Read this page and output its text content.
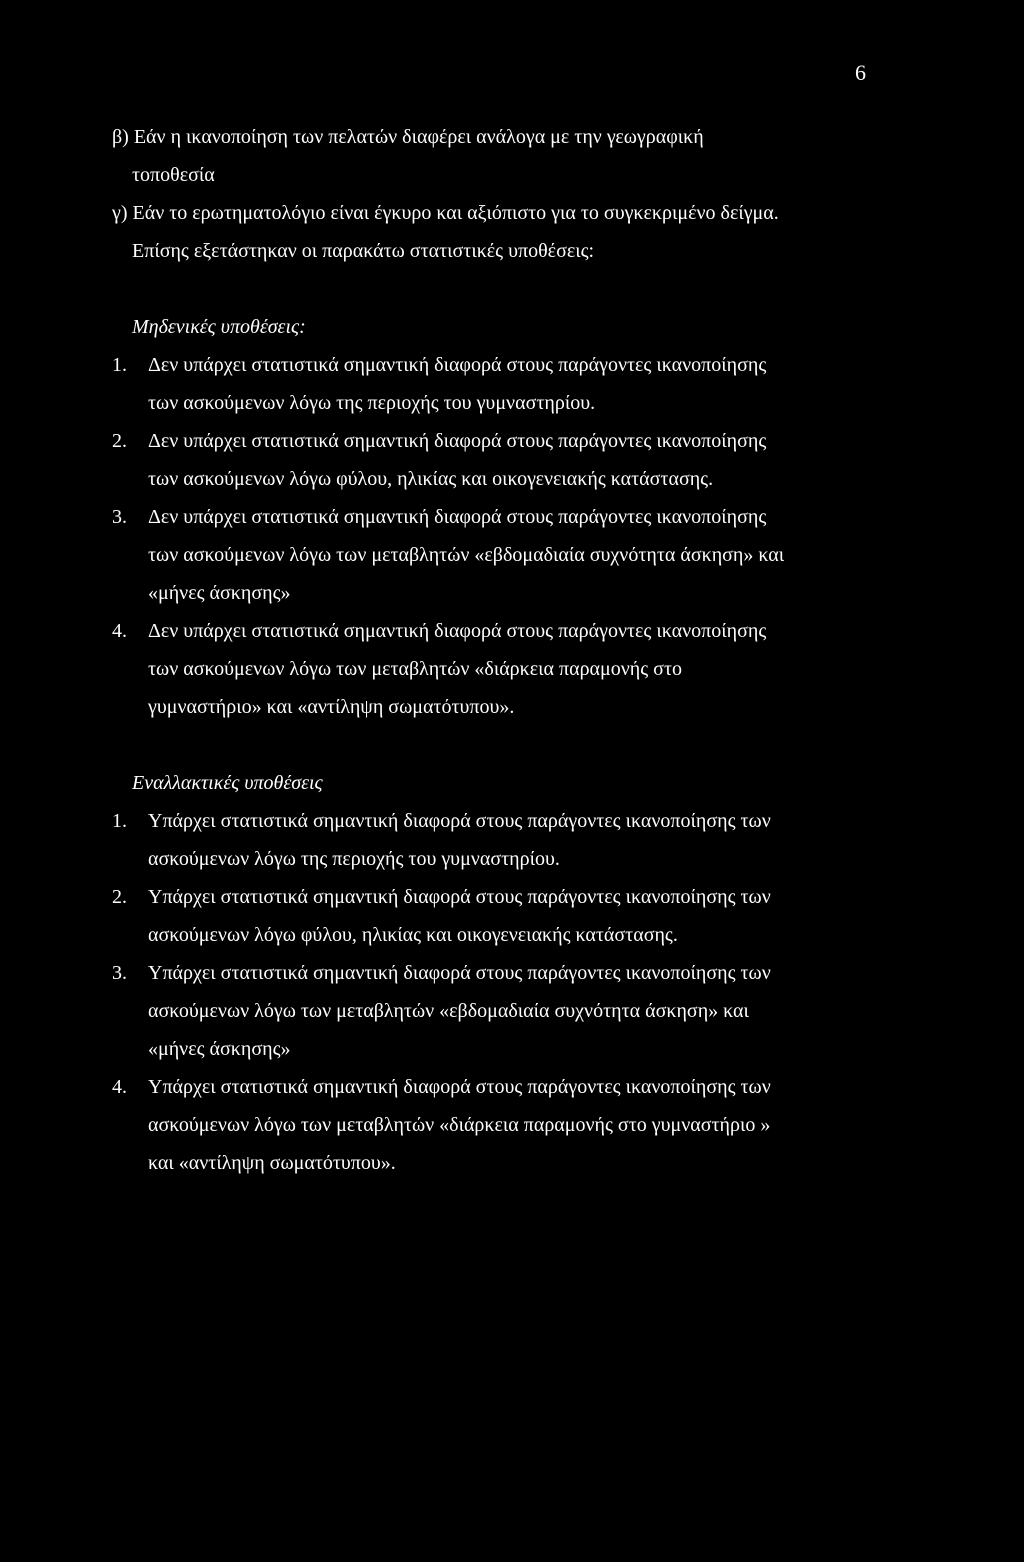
6

β) Εάν η ικανοποίηση των πελατών διαφέρει ανάλογα με την γεωγραφική

τοποθεσία

γ) Εάν το ερωτηματολόγιο είναι έγκυρο και αξιόπιστο για το συγκεκριμένο δείγμα.

Επίσης εξετάστηκαν οι παρακάτω στατιστικές υποθέσεις:

Μηδενικές υποθέσεις:

1. Δεν υπάρχει στατιστικά σημαντική διαφορά στους παράγοντες ικανοποίησης
των ασκούμενων λόγω της περιοχής του γυμναστηρίου.
2. Δεν υπάρχει στατιστικά σημαντική διαφορά στους παράγοντες ικανοποίησης
των ασκούμενων λόγω φύλου, ηλικίας και οικογενειακής κατάστασης.
3. Δεν υπάρχει στατιστικά σημαντική διαφορά στους παράγοντες ικανοποίησης
των ασκούμενων λόγω των μεταβλητών «εβδομαδιαία συχνότητα άσκηση» και
«μήνες άσκησης»
4. Δεν υπάρχει στατιστικά σημαντική διαφορά στους παράγοντες ικανοποίησης
των ασκούμενων λόγω των μεταβλητών «διάρκεια παραμονής στο
γυμναστήριο» και «αντίληψη σωματότυπου».

Εναλλακτικές υποθέσεις

1. Υπάρχει στατιστικά σημαντική διαφορά στους παράγοντες ικανοποίησης των
ασκούμενων λόγω της περιοχής του γυμναστηρίου.
2. Υπάρχει στατιστικά σημαντική διαφορά στους παράγοντες ικανοποίησης των
ασκούμενων λόγω φύλου, ηλικίας και οικογενειακής κατάστασης.
3. Υπάρχει στατιστικά σημαντική διαφορά στους παράγοντες ικανοποίησης των
ασκούμενων λόγω των μεταβλητών «εβδομαδιαία συχνότητα άσκηση» και
«μήνες άσκησης»
4. Υπάρχει στατιστικά σημαντική διαφορά στους παράγοντες ικανοποίησης των
ασκούμενων λόγω των μεταβλητών «διάρκεια παραμονής στο γυμναστήριο »
και «αντίληψη σωματότυπου».
